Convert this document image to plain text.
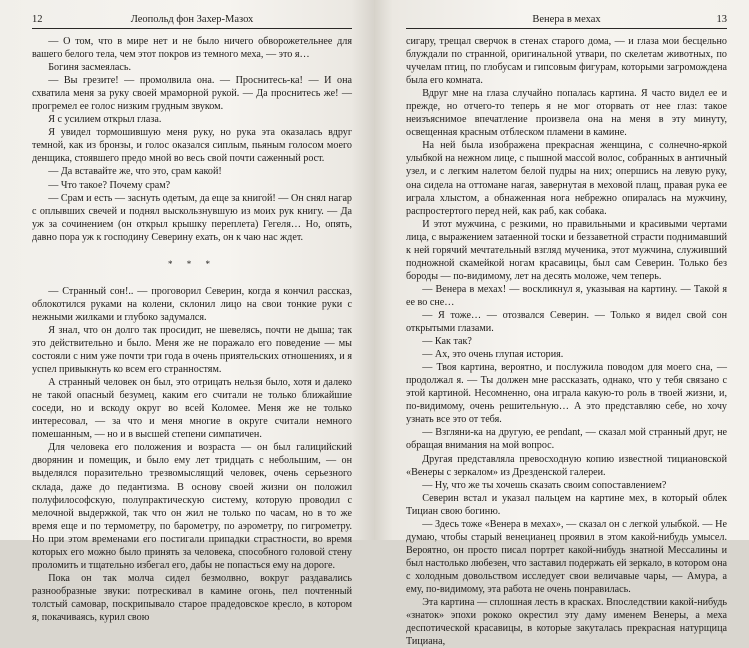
12	Леопольд фон Захер-Мазох

— О том, что в мире нет и не было ничего обворожетельнее для вашего белого тела, чем этот покров из темного меха, — это я…

Богиня засмеялась.

— Вы грезите! — промолвила она. — Проснитесь-ка! — И она схватила меня за руку своей мраморной рукой. — Да проснитесь же! — прогремел ее голос низким грудным звуком.

Я с усилием открыл глаза.

Я увидел тормошившую меня руку, но рука эта оказалась вдруг темной, как из бронзы, и голос оказался сиплым, пьяным голосом моего денщика, стоявшего предо мной во весь свой почти саженный рост.

— Да вставайте же, что это, срам какой!

— Что такое? Почему срам?

— Срам и есть — заснуть одетым, да еще за книгой! — Он снял нагар с оплывших свечей и поднял выскользнувшую из моих рук книгу. — Да уж за сочинением (он открыл крышку переплета) Гегеля… Но, опять, давно пора уж к господину Северину ехать, он к чаю нас ждет.

* * *

— Странный сон!.. — проговорил Северин, когда я кончил рассказ, облокотился руками на колени, склонил лицо на свои тонкие руки с нежными жилками и глубоко задумался.

Я знал, что он долго так просидит, не шевелясь, почти не дыша; так это действительно и было. Меня же не поражало его поведение — мы состояли с ним уже почти три года в очень приятельских отношениях, и я успел привыкнуть ко всем его странностям.

А странный человек он был, это отрицать нельзя было, хотя и далеко не такой опасный безумец, каким его считали не только ближайшие соседи, но и вскоду округ во всей Коломее. Меня же не только интересовал, — за что и меня многие в округе считали немного помешанным, — но и в высшей степени симпатичен.

Для человека его положения и возраста — он был галицийский дворянин и помещик, и было ему лет тридцать с небольшим, — он выделялся поразительно трезвомыслящий человек, очень серьезного склада, даже до педантизма. В основу своей жизни он положил полуфилософскую, полупрактическую систему, которую проводил с мелочной выдержкой, так что он жил не только по часам, но в то же время еще и по термометру, по барометру, по аэрометру, по гигрометру. Но при этом временами его постигали припадки страстности, во время которых его можно было принять за человека, способного головой стену проломить и тщательно избегал его, дабы не попасться ему на дороге.

Пока он так молча сидел безмолвно, вокруг раздавались разнообразные звуки: потрескивал в камине огонь, пел почтенный толстый самовар, поскрипывало старое прадедовское кресло, в котором я, покачиваясь, курил свою

Венера в мехах	13

сигару, трещал сверчок в стенах старого дома, — и глаза мои бесцельно блуждали по странной, оригинальной утвари, по скелетам животных, по чучелам птиц, по глобусам и гипсовым фигурам, которыми загромождена была его комната.

Вдруг мне на глаза случайно попалась картина. Я часто видел ее и прежде, но отчего-то теперь я не мог оторвать от нее глаз: такое неизъяснимое впечатление произвела она на меня в эту минуту, освещенная красным отблеском пламени в камине.

На ней была изображена прекрасная женщина, с солнечно-яркой улыбкой на нежном лице, с пышной массой волос, собранных в античный узел, и с легким налетом белой пудры на них; опершись на левую руку, она сидела на оттомане нагая, завернутая в меховой плащ, правая рука ее играла хлыстом, а обнаженная нога небрежно опиралась на мужчину, распростертого перед ней, как раб, как собака.

И этот мужчина, с резкими, но правильными и красивыми чертами лица, с выражением затаенной тоски и беззаветной страсти поднимавший к ней горячий мечтательный взгляд мученика, этот мужчина, служивший подножной скамейкой ногам красавицы, был сам Северин. Только без бороды — по-видимому, лет на десять моложе, чем теперь.

— Венера в мехах! — воскликнул я, указывая на картину. — Такой я ее во сне…

— Я тоже… — отозвался Северин. — Только я видел свой сон открытыми глазами.

— Как так?

— Ах, это очень глупая история.

— Твоя картина, вероятно, и послужила поводом для моего сна, — продолжал я. — Ты должен мне рассказать, однако, что у тебя связано с этой картиной. Несомненно, она играла какую-то роль в твоей жизни, и, по-видимому, очень решительную… А это представляю себе, но хочу узнать все это от тебя.

— Взгляни-ка на другую, ее pendant, — сказал мой странный друг, не обращая внимания на мой вопрос.

Другая представляла превосходную копию известной тициановской «Венеры с зеркалом» из Дрезденской галереи.

— Ну, что же ты хочешь сказать своим сопоставлением?

Северин встал и указал пальцем на картине мех, в который облек Тициан свою богиню.

— Здесь тоже «Венера в мехах», — сказал он с легкой улыбкой. — Не думаю, чтобы старый венецианец проявил в этом какой-нибудь умысел. Вероятно, он просто писал портрет какой-нибудь знатной Мессалины и был настолько любезен, что заставил подержать ей зеркало, в котором она с холодным довольством исследует свои величавые чары, — Амура, а ему, по-видимому, эта работа не очень понравилась.

Эта картина — сплошная лесть в красках. Впоследствии какой-нибудь «знаток» эпохи рококо окрестил эту даму именем Венеры, а меха деспотической красавицы, в которые закуталась прекрасная натурщица Тициана,
